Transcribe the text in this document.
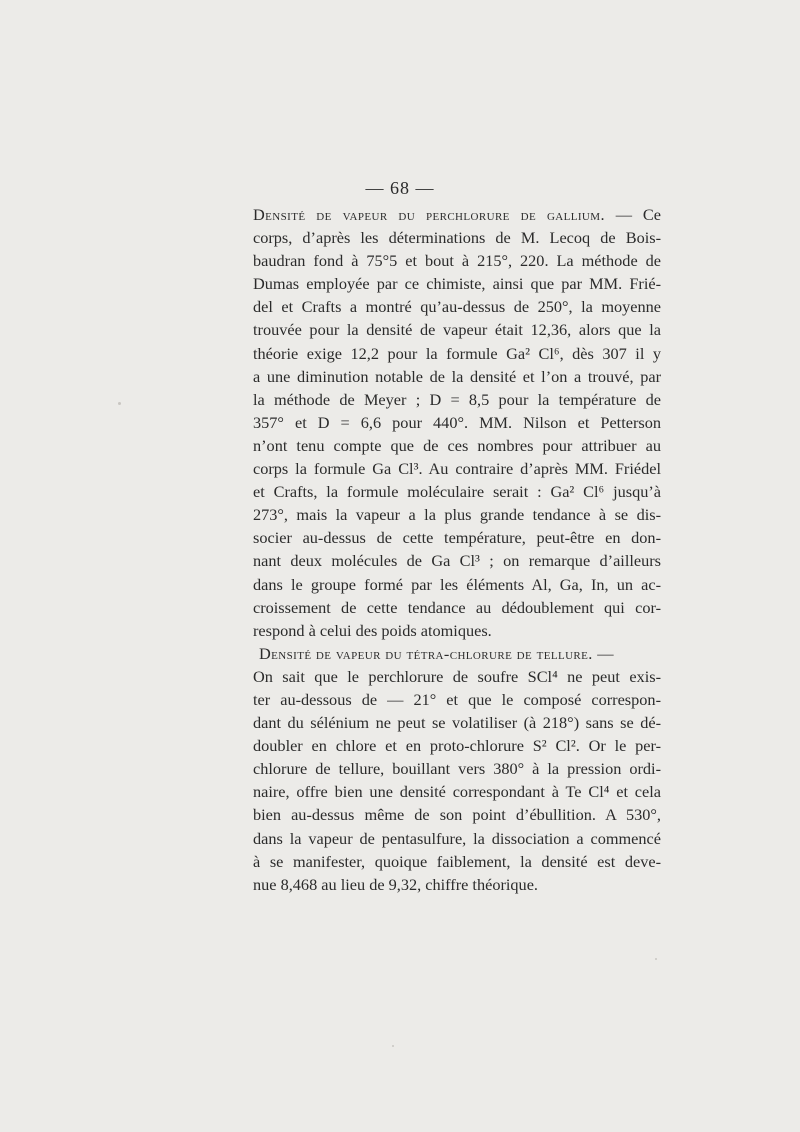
— 68 —
Densité de vapeur du perchlorure de gallium. — Ce
corps, d’après les déterminations de M. Lecoq de Bois-
baudran fond à 75°5 et bout à 215°, 220. La méthode de
Dumas employée par ce chimiste, ainsi que par MM. Frié-
del et Crafts a montré qu’au-dessus de 250°, la moyenne
trouvée pour la densité de vapeur était 12,36, alors que la
théorie exige 12,2 pour la formule Ga² Cl⁶, dès 307 il y
a une diminution notable de la densité et l’on a trouvé, par
la méthode de Meyer ; D = 8,5 pour la température de
357° et D = 6,6 pour 440°. MM. Nilson et Petterson
n’ont tenu compte que de ces nombres pour attribuer au
corps la formule Ga Cl³. Au contraire d’après MM. Friédel
et Crafts, la formule moléculaire serait : Ga² Cl⁶ jusqu’à
273°, mais la vapeur a la plus grande tendance à se dis-
socier au-dessus de cette température, peut-être en don-
nant deux molécules de Ga Cl³ ; on remarque d’ailleurs
dans le groupe formé par les éléments Al, Ga, In, un ac-
croissement de cette tendance au dédoublement qui cor-
respond à celui des poids atomiques.
Densité de vapeur du tétra-chlorure de tellure. —
On sait que le perchlorure de soufre SCl⁴ ne peut exis-
ter au-dessous de — 21° et que le composé correspon-
dant du sélénium ne peut se volatiliser (à 218°) sans se dé-
doubler en chlore et en proto-chlorure S² Cl². Or le per-
chlorure de tellure, bouillant vers 380° à la pression ordi-
naire, offre bien une densité correspondant à Te Cl⁴ et cela
bien au-dessus même de son point d’ébullition. A 530°,
dans la vapeur de pentasulfure, la dissociation a commencé
à se manifester, quoique faiblement, la densité est deve-
nue 8,468 au lieu de 9,32, chiffre théorique.
